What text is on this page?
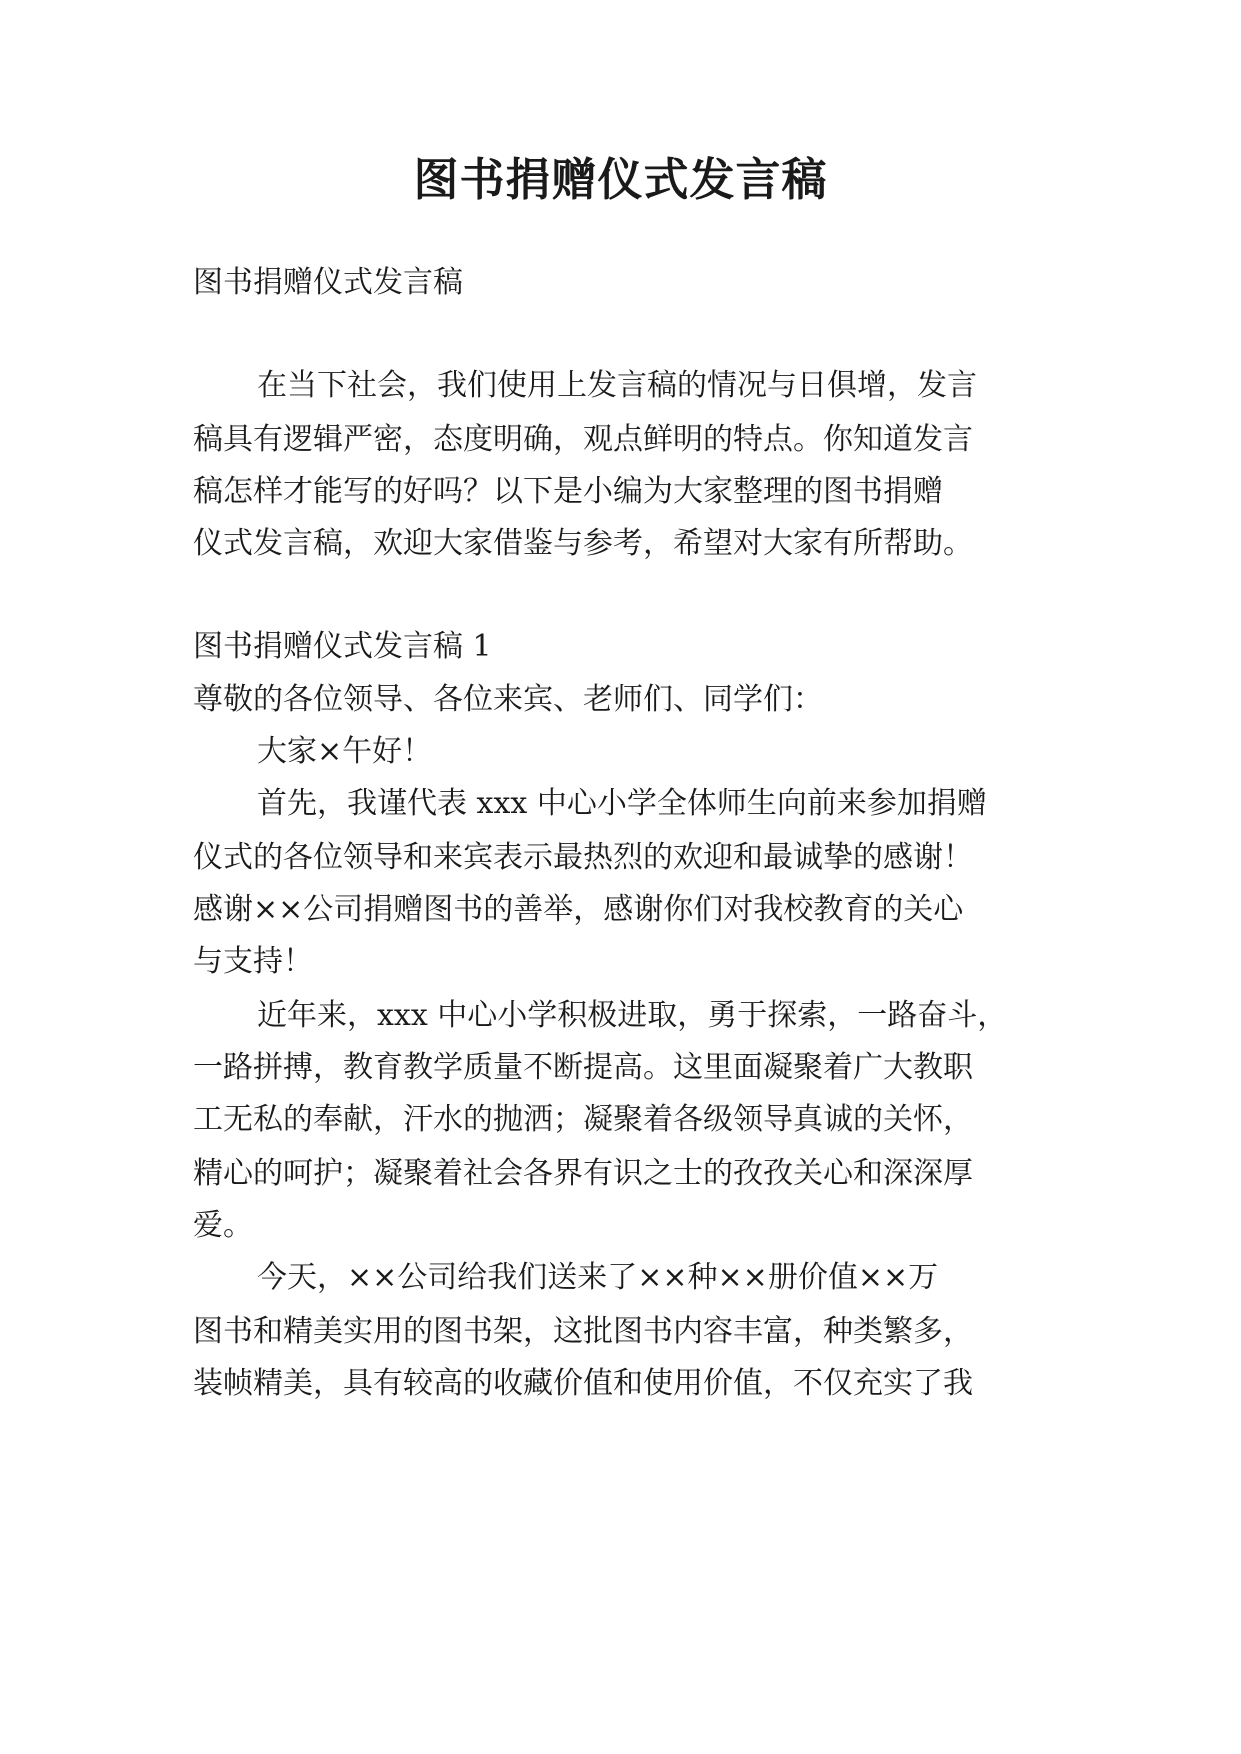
图书捐赠仪式发言稿

图书捐赠仪式发言稿

在当下社会，我们使用上发言稿的情况与日俱增，发言

稿具有逻辑严密，态度明确，观点鲜明的特点。你知道发言

稿怎样才能写的好吗？以下是小编为大家整理的图书捐赠

仪式发言稿，欢迎大家借鉴与参考，希望对大家有所帮助。

图书捐赠仪式发言稿 1

尊敬的各位领导、各位来宾、老师们、同学们：

大家×午好！

首先，我谨代表 xxx 中心小学全体师生向前来参加捐赠

仪式的各位领导和来宾表示最热烈的欢迎和最诚挚的感谢！

感谢××公司捐赠图书的善举，感谢你们对我校教育的关心

与支持！

近年来，xxx 中心小学积极进取，勇于探索，一路奋斗，

一路拼搏，教育教学质量不断提高。这里面凝聚着广大教职

工无私的奉献，汗水的抛洒；凝聚着各级领导真诚的关怀，

精心的呵护；凝聚着社会各界有识之士的孜孜关心和深深厚

爱。

今天，××公司给我们送来了××种××册价值××万

图书和精美实用的图书架，这批图书内容丰富，种类繁多，

装帧精美，具有较高的收藏价值和使用价值，不仅充实了我
